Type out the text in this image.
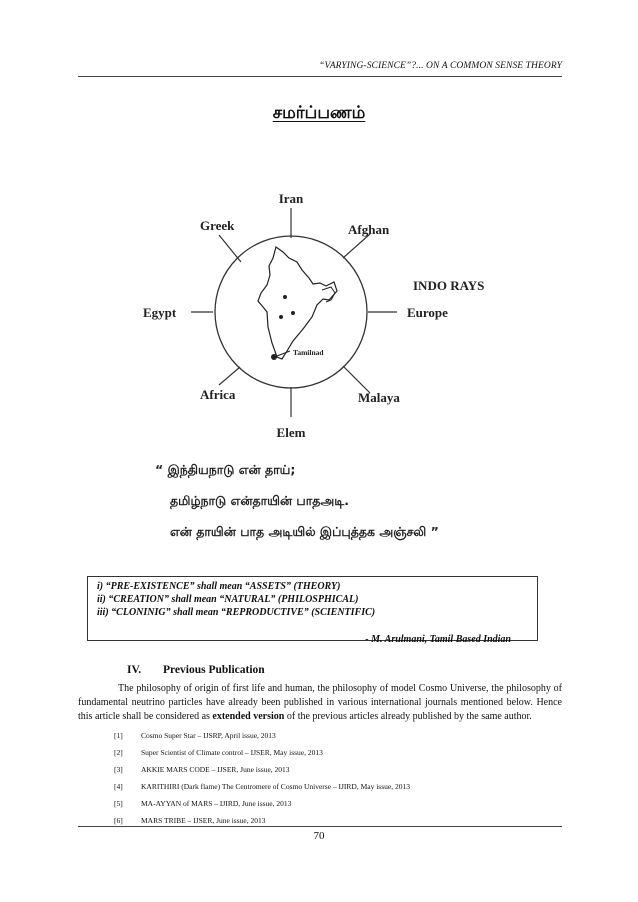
“VARYING-SCIENCE”?... ON A COMMON SENSE THEORY
சமர்ப்பணம்
Tamilnad
Iran
Afghan
Greek
INDO RAYS
Egypt	Europe
Africa	Malaya
Elem
“ இந்தியநாடு என் தாய்;
தமிழ்நாடு என்தாயின் பாதஅடி.
என் தாயின் பாத அடியில் இப்புத்தக அஞ்சலி ”
i) “PRE-EXISTENCE” shall mean “ASSETS” (THEORY)
ii) “CREATION” shall mean “NATURAL” (PHILOSPHICAL)
iii) “CLONINIG” shall mean “REPRODUCTIVE” (SCIENTIFIC)
- M. Arulmani, Tamil Based Indian
IV. Previous Publication
The philosophy of origin of first life and human, the philosophy of model Cosmo Universe, the philosophy of fundamental neutrino particles have already been published in various international journals mentioned below. Hence this article shall be considered as extended version of the previous articles already published by the same author.
[1] Cosmo Super Star – IJSRP, April issue, 2013
[2] Super Scientist of Climate control – IJSER, May issue, 2013
[3] AKKIE MARS CODE – IJSER, June issue, 2013
[4] KARITHIRI (Dark flame) The Centromere of Cosmo Universe – IJIRD, May issue, 2013
[5] MA-AYYAN of MARS – IJIRD, June issue, 2013
[6] MARS TRIBE – IJSER, June issue, 2013
70
